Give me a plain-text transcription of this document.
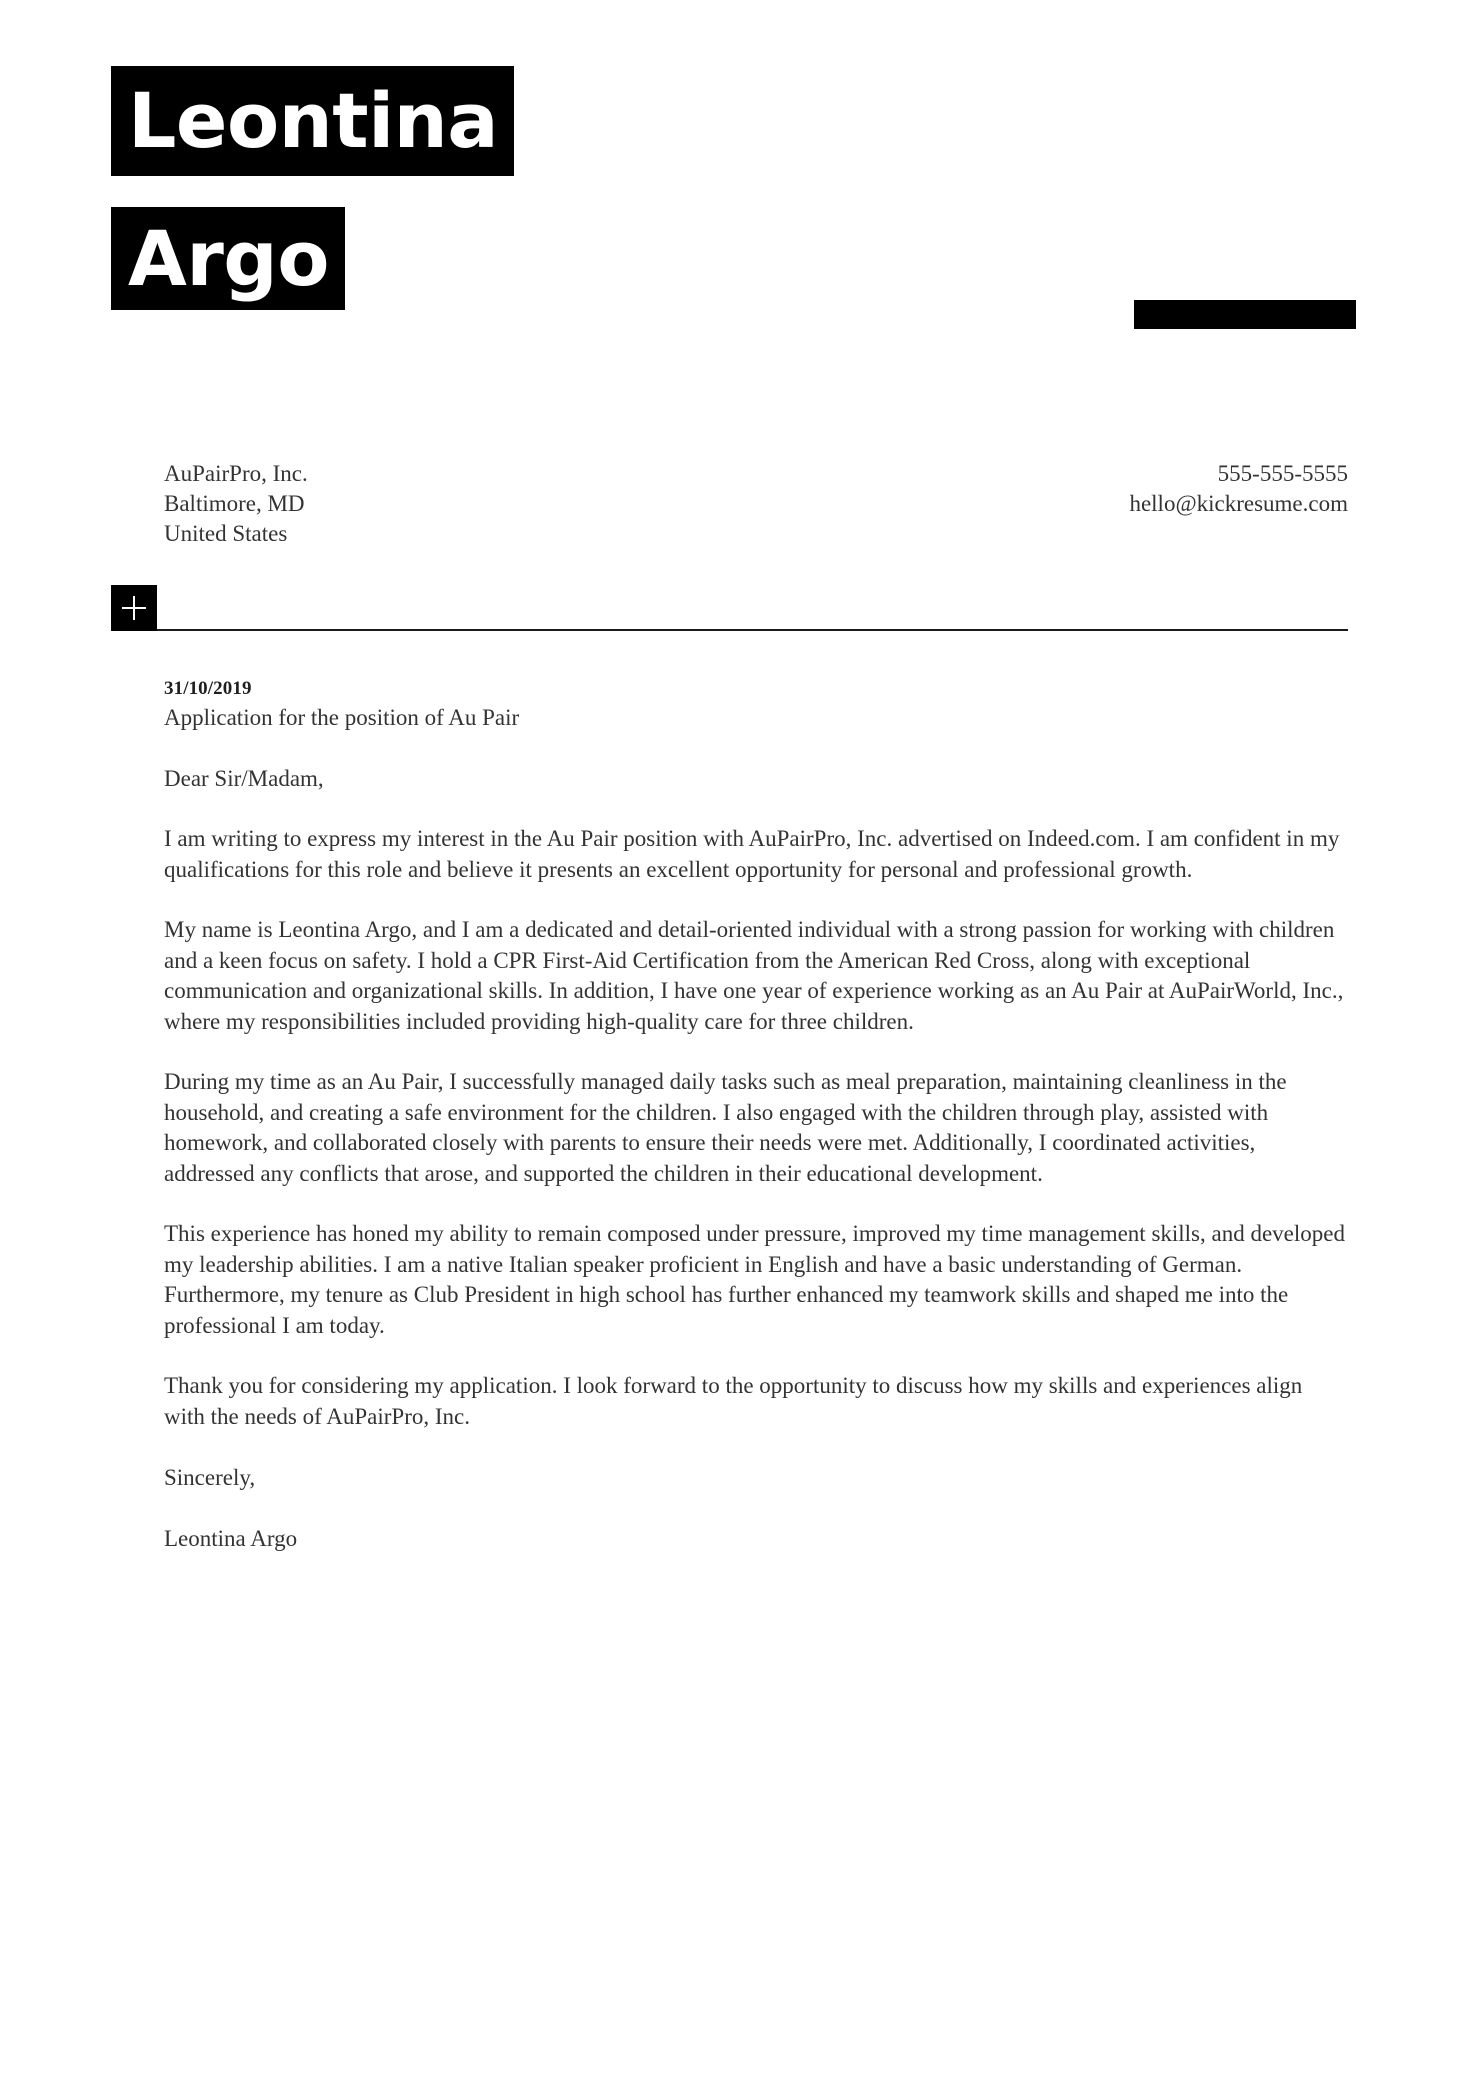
Leontina
Argo
AuPairPro, Inc.
Baltimore, MD
United States
555-555-5555
hello@kickresume.com
31/10/2019
Application for the position of Au Pair
Dear Sir/Madam,
I am writing to express my interest in the Au Pair position with AuPairPro, Inc. advertised on Indeed.com. I am confident in my qualifications for this role and believe it presents an excellent opportunity for personal and professional growth.
My name is Leontina Argo, and I am a dedicated and detail-oriented individual with a strong passion for working with children and a keen focus on safety. I hold a CPR First-Aid Certification from the American Red Cross, along with exceptional communication and organizational skills. In addition, I have one year of experience working as an Au Pair at AuPairWorld, Inc., where my responsibilities included providing high-quality care for three children.
During my time as an Au Pair, I successfully managed daily tasks such as meal preparation, maintaining cleanliness in the household, and creating a safe environment for the children. I also engaged with the children through play, assisted with homework, and collaborated closely with parents to ensure their needs were met. Additionally, I coordinated activities, addressed any conflicts that arose, and supported the children in their educational development.
This experience has honed my ability to remain composed under pressure, improved my time management skills, and developed my leadership abilities. I am a native Italian speaker proficient in English and have a basic understanding of German. Furthermore, my tenure as Club President in high school has further enhanced my teamwork skills and shaped me into the professional I am today.
Thank you for considering my application. I look forward to the opportunity to discuss how my skills and experiences align with the needs of AuPairPro, Inc.
Sincerely,
Leontina Argo
